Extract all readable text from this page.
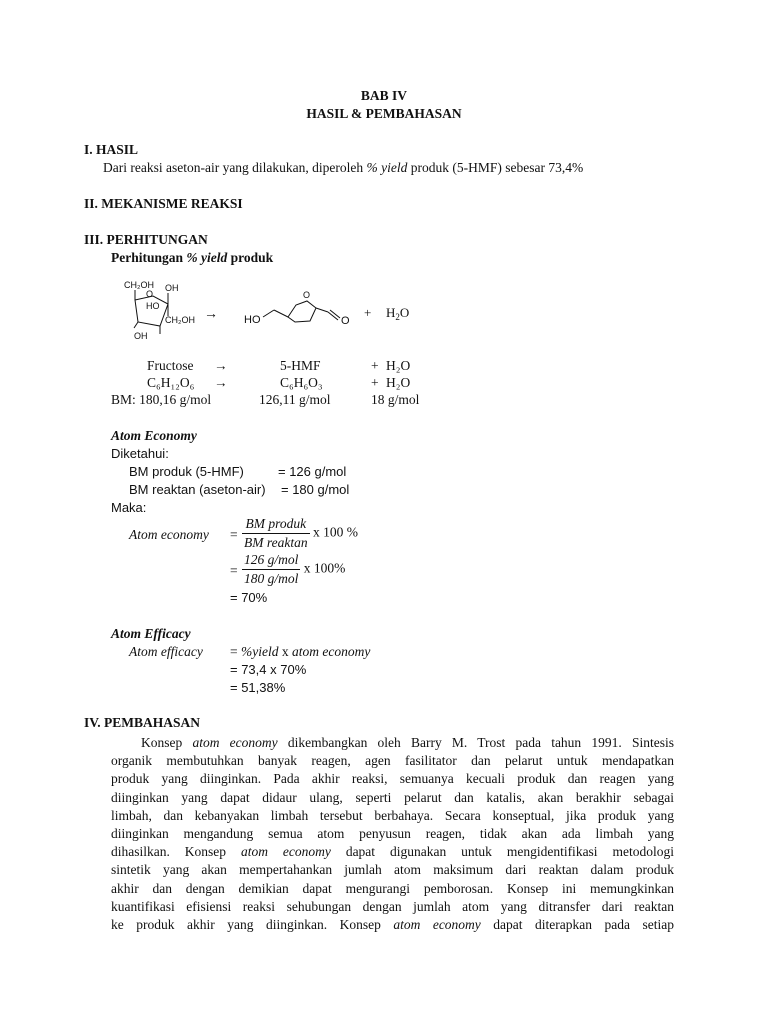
BAB IV
HASIL & PEMBAHASAN
I. HASIL
Dari reaksi aseton-air yang dilakukan, diperoleh % yield produk (5-HMF) sebesar 73,4%
II. MEKANISME REAKSI
III. PERHITUNGAN
Perhitungan % yield produk
CH₂OH
O
OH
HO
CH₂OH
OH
→ HO
O
O
+ $H_2O$
Fructose →	5-HMF	+ H₂O
C₆H₁₂O₆ →	C₆H₆O₃	+ H₂O
BM: 180,16 g/mol	126,11 g/mol	18 g/mol
Atom Economy
Diketahui:
BM produk (5-HMF)	= 126 g/mol
BM reaktan (aseton-air) = 180 g/mol
Maka:
Atom economy = $\frac{\text{BM produk}}{\text{BM reaktan}}$ x 100 %
= $\frac{\text{126 g/mol}}{\text{180 g/mol}}$ x 100%
= 70%
Atom Efficacy
Atom efficacy = %yield x atom economy
= 73,4 x 70%
= 51,38%
IV. PEMBAHASAN
Konsep atom economy dikembangkan oleh Barry M. Trost pada tahun 1991. Sintesis
organik membutuhkan banyak reagen, agen fasilitator dan pelarut untuk mendapatkan
produk yang diinginkan. Pada akhir reaksi, semuanya kecuali produk dan reagen yang
diinginkan yang dapat didaur ulang, seperti pelarut dan katalis, akan berakhir sebagai
limbah, dan kebanyakan limbah tersebut berbahaya. Secara konseptual, jika produk yang
diinginkan mengandung semua atom penyusun reagen, tidak akan ada limbah yang
dihasilkan. Konsep atom economy dapat digunakan untuk mengidentifikasi metodologi
sintetik yang akan mempertahankan jumlah atom maksimum dari reaktan dalam produk
akhir dan dengan demikian dapat mengurangi pemborosan. Konsep ini memungkinkan
kuantifikasi efisiensi reaksi sehubungan dengan jumlah atom yang ditransfer dari reaktan
ke produk akhir yang diinginkan. Konsep atom economy dapat diterapkan pada setiap
